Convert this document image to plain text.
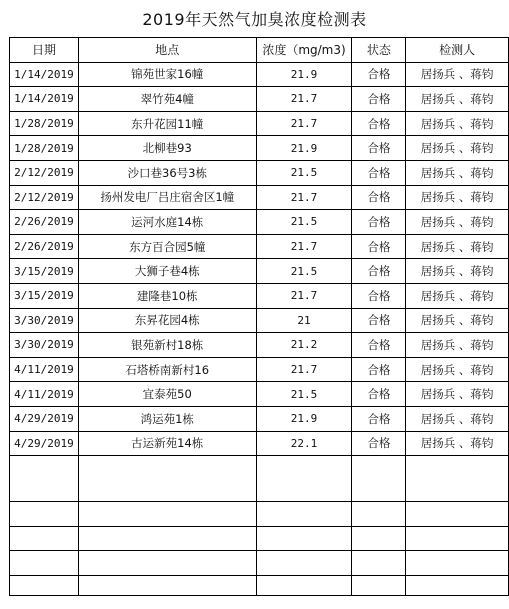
2019年天然气加臭浓度检测表
日期	地点	浓度（mg/m3)	状态	检测人
1/14/2019	锦苑世家16幢	21.9	合格	居扬兵 、蒋钧
1/14/2019	翠竹苑4幢	21.7	合格	居扬兵 、蒋钧
1/28/2019	东升花园11幢	21.7	合格	居扬兵 、蒋钧
1/28/2019	北柳巷93	21.9	合格	居扬兵 、蒋钧
2/12/2019	沙口巷36号3栋	21.5	合格	居扬兵 、蒋钧
2/12/2019	扬州发电厂吕庄宿舍区1幢	21.7	合格	居扬兵 、蒋钧
2/26/2019	运河水庭14栋	21.5	合格	居扬兵 、蒋钧
2/26/2019	东方百合园5幢	21.7	合格	居扬兵 、蒋钧
3/15/2019	大狮子巷4栋	21.5	合格	居扬兵 、蒋钧
3/15/2019	建隆巷10栋	21.7	合格	居扬兵 、蒋钧
3/30/2019	东昇花园4栋	21	合格	居扬兵 、蒋钧
3/30/2019	银苑新村18栋	21.2	合格	居扬兵 、蒋钧
4/11/2019	石塔桥南新村16	21.7	合格	居扬兵 、蒋钧
4/11/2019	宜泰苑50	21.5	合格	居扬兵 、蒋钧
4/29/2019	鸿运苑1栋	21.9	合格	居扬兵 、蒋钧
4/29/2019	古运新苑14栋	22.1	合格	居扬兵 、蒋钧
